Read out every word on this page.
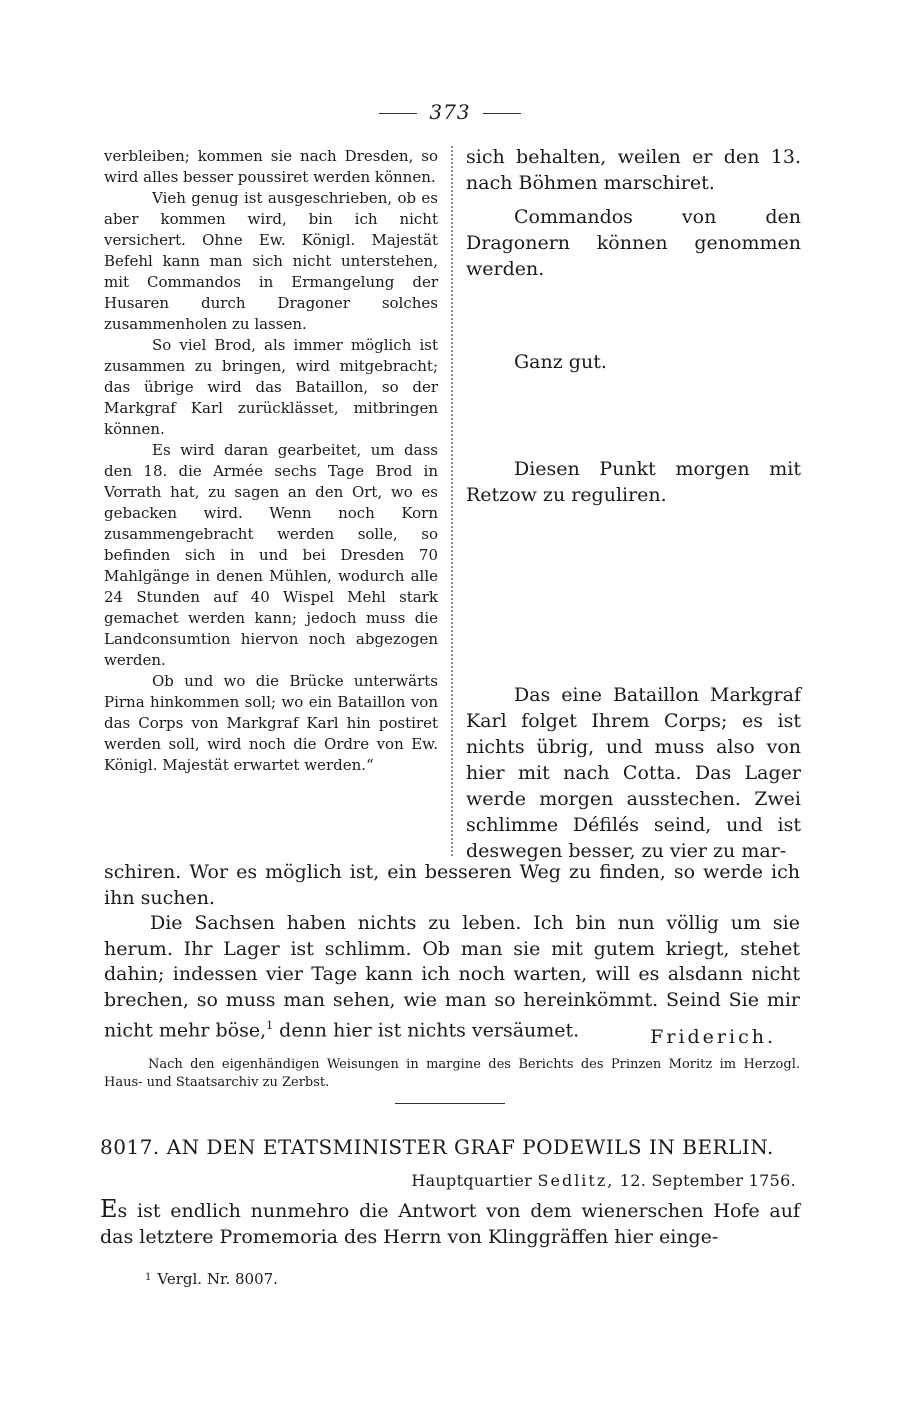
373

verbleiben; kommen sie nach Dresden, so wird alles besser poussiret werden können.

Vieh genug ist ausgeschrieben, ob es aber kommen wird, bin ich nicht versichert. Ohne Ew. Königl. Majestät Befehl kann man sich nicht unterstehen, mit Commandos in Ermangelung der Husaren durch Dragoner solches zusammenholen zu lassen.

So viel Brod, als immer möglich ist zusammen zu bringen, wird mitgebracht; das übrige wird das Bataillon, so der Markgraf Karl zurücklässet, mitbringen können.

Es wird daran gearbeitet, um dass den 18. die Armée sechs Tage Brod in Vorrath hat, zu sagen an den Ort, wo es gebacken wird. Wenn noch Korn zusammengebracht werden solle, so befinden sich in und bei Dresden 70 Mahlgänge in denen Mühlen, wodurch alle 24 Stunden auf 40 Wispel Mehl stark gemachet werden kann; jedoch muss die Landconsumtion hiervon noch abgezogen werden.

Ob und wo die Brücke unterwärts Pirna hinkommen soll; wo ein Bataillon von das Corps von Markgraf Karl hin postiret werden soll, wird noch die Ordre von Ew. Königl. Majestät erwartet werden.“

sich behalten, weilen er den 13. nach Böhmen marschiret.

Commandos von den Dragonern können genommen werden.

Ganz gut.

Diesen Punkt morgen mit Retzow zu reguliren.

Das eine Bataillon Markgraf Karl folget Ihrem Corps; es ist nichts übrig, und muss also von hier mit nach Cotta. Das Lager werde morgen ausstechen. Zwei schlimme Défilés seind, und ist deswegen besser, zu vier zu mar-

schiren. Wor es möglich ist, ein besseren Weg zu finden, so werde ich ihn suchen.

Die Sachsen haben nichts zu leben. Ich bin nun völlig um sie herum. Ihr Lager ist schlimm. Ob man sie mit gutem kriegt, stehet dahin; indessen vier Tage kann ich noch warten, will es alsdann nicht brechen, so muss man sehen, wie man so hereinkömmt. Seind Sie mir nicht mehr böse,$^1$ denn hier ist nichts versäumet.	Friderich.

Nach den eigenhändigen Weisungen in margine des Berichts des Prinzen Moritz im Herzogl. Haus- und Staatsarchiv zu Zerbst.

8017. AN DEN ETATSMINISTER GRAF PODEWILS IN BERLIN.
Hauptquartier Sedlitz, 12. September 1756.
Es ist endlich nunmehro die Antwort von dem wienerschen Hofe auf das letztere Promemoria des Herrn von Klinggräffen hier einge-
$^1$ Vergl. Nr. 8007.
